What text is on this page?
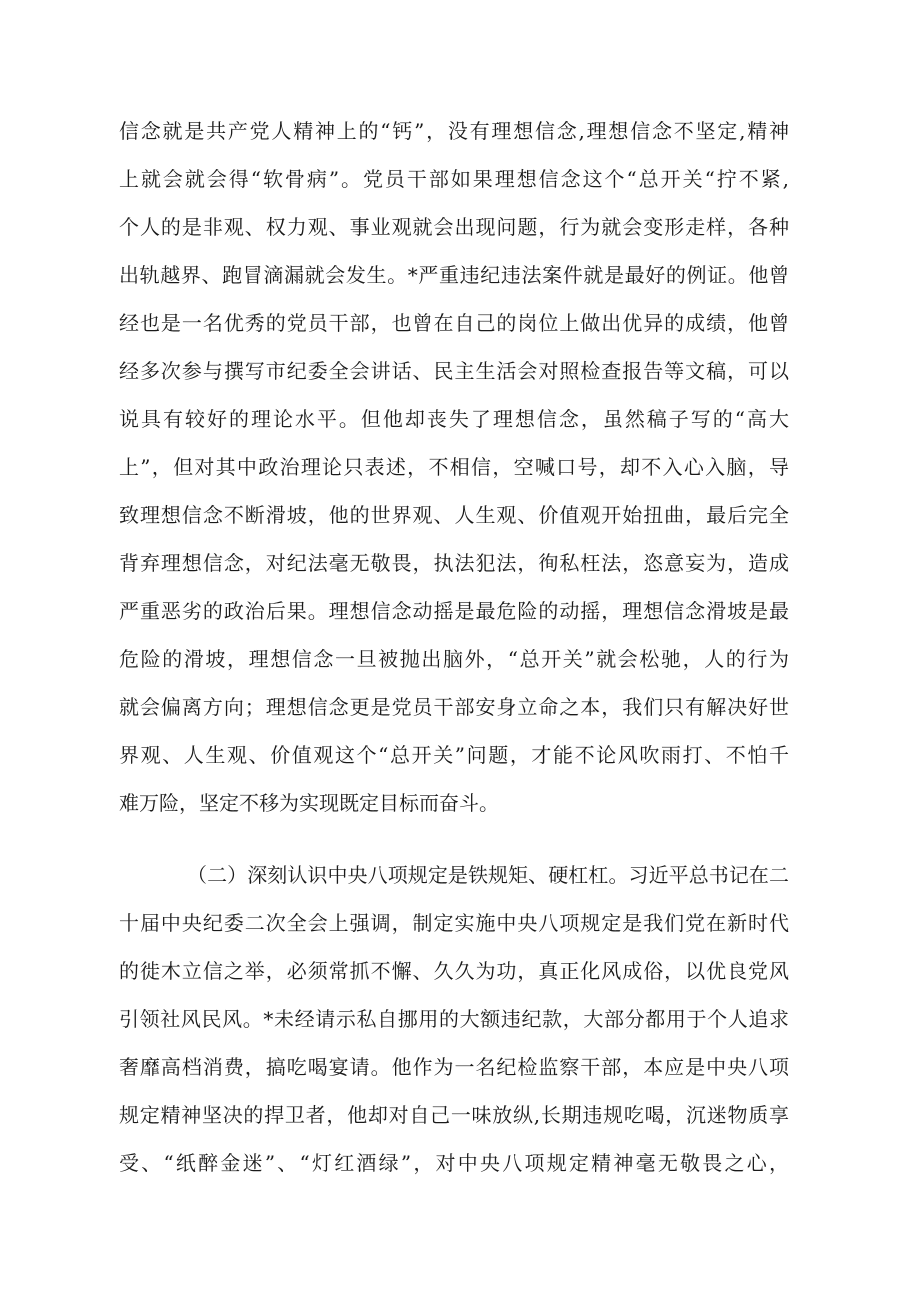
信念就是共产党人精神上的“钙”，没有理想信念,理想信念不坚定,精神
上就会就会得“软骨病”。党员干部如果理想信念这个“总开关“拧不紧,
个人的是非观、权力观、事业观就会出现问题，行为就会变形走样，各种
出轨越界、跑冒滴漏就会发生。*严重违纪违法案件就是最好的例证。他曾
经也是一名优秀的党员干部，也曾在自己的岗位上做出优异的成绩，他曾
经多次参与撰写市纪委全会讲话、民主生活会对照检查报告等文稿，可以
说具有较好的理论水平。但他却丧失了理想信念，虽然稿子写的“高大
上”，但对其中政治理论只表述，不相信，空喊口号，却不入心入脑，导
致理想信念不断滑坡，他的世界观、人生观、价值观开始扭曲，最后完全
背弃理想信念，对纪法毫无敬畏，执法犯法，徇私枉法，恣意妄为，造成
严重恶劣的政治后果。理想信念动摇是最危险的动摇，理想信念滑坡是最
危险的滑坡，理想信念一旦被抛出脑外，“总开关”就会松驰，人的行为
就会偏离方向；理想信念更是党员干部安身立命之本，我们只有解决好世
界观、人生观、价值观这个“总开关”问题，才能不论风吹雨打、不怕千
难万险，坚定不移为实现既定目标而奋斗。
（二）深刻认识中央八项规定是铁规矩、硬杠杠。习近平总书记在二
十届中央纪委二次全会上强调，制定实施中央八项规定是我们党在新时代
的徙木立信之举，必须常抓不懈、久久为功，真正化风成俗，以优良党风
引领社风民风。*未经请示私自挪用的大额违纪款，大部分都用于个人追求
奢靡高档消费，搞吃喝宴请。他作为一名纪检监察干部，本应是中央八项
规定精神坚决的捍卫者，他却对自己一味放纵,长期违规吃喝，沉迷物质享
受、“纸醉金迷”、“灯红酒绿”，对中央八项规定精神毫无敬畏之心，
